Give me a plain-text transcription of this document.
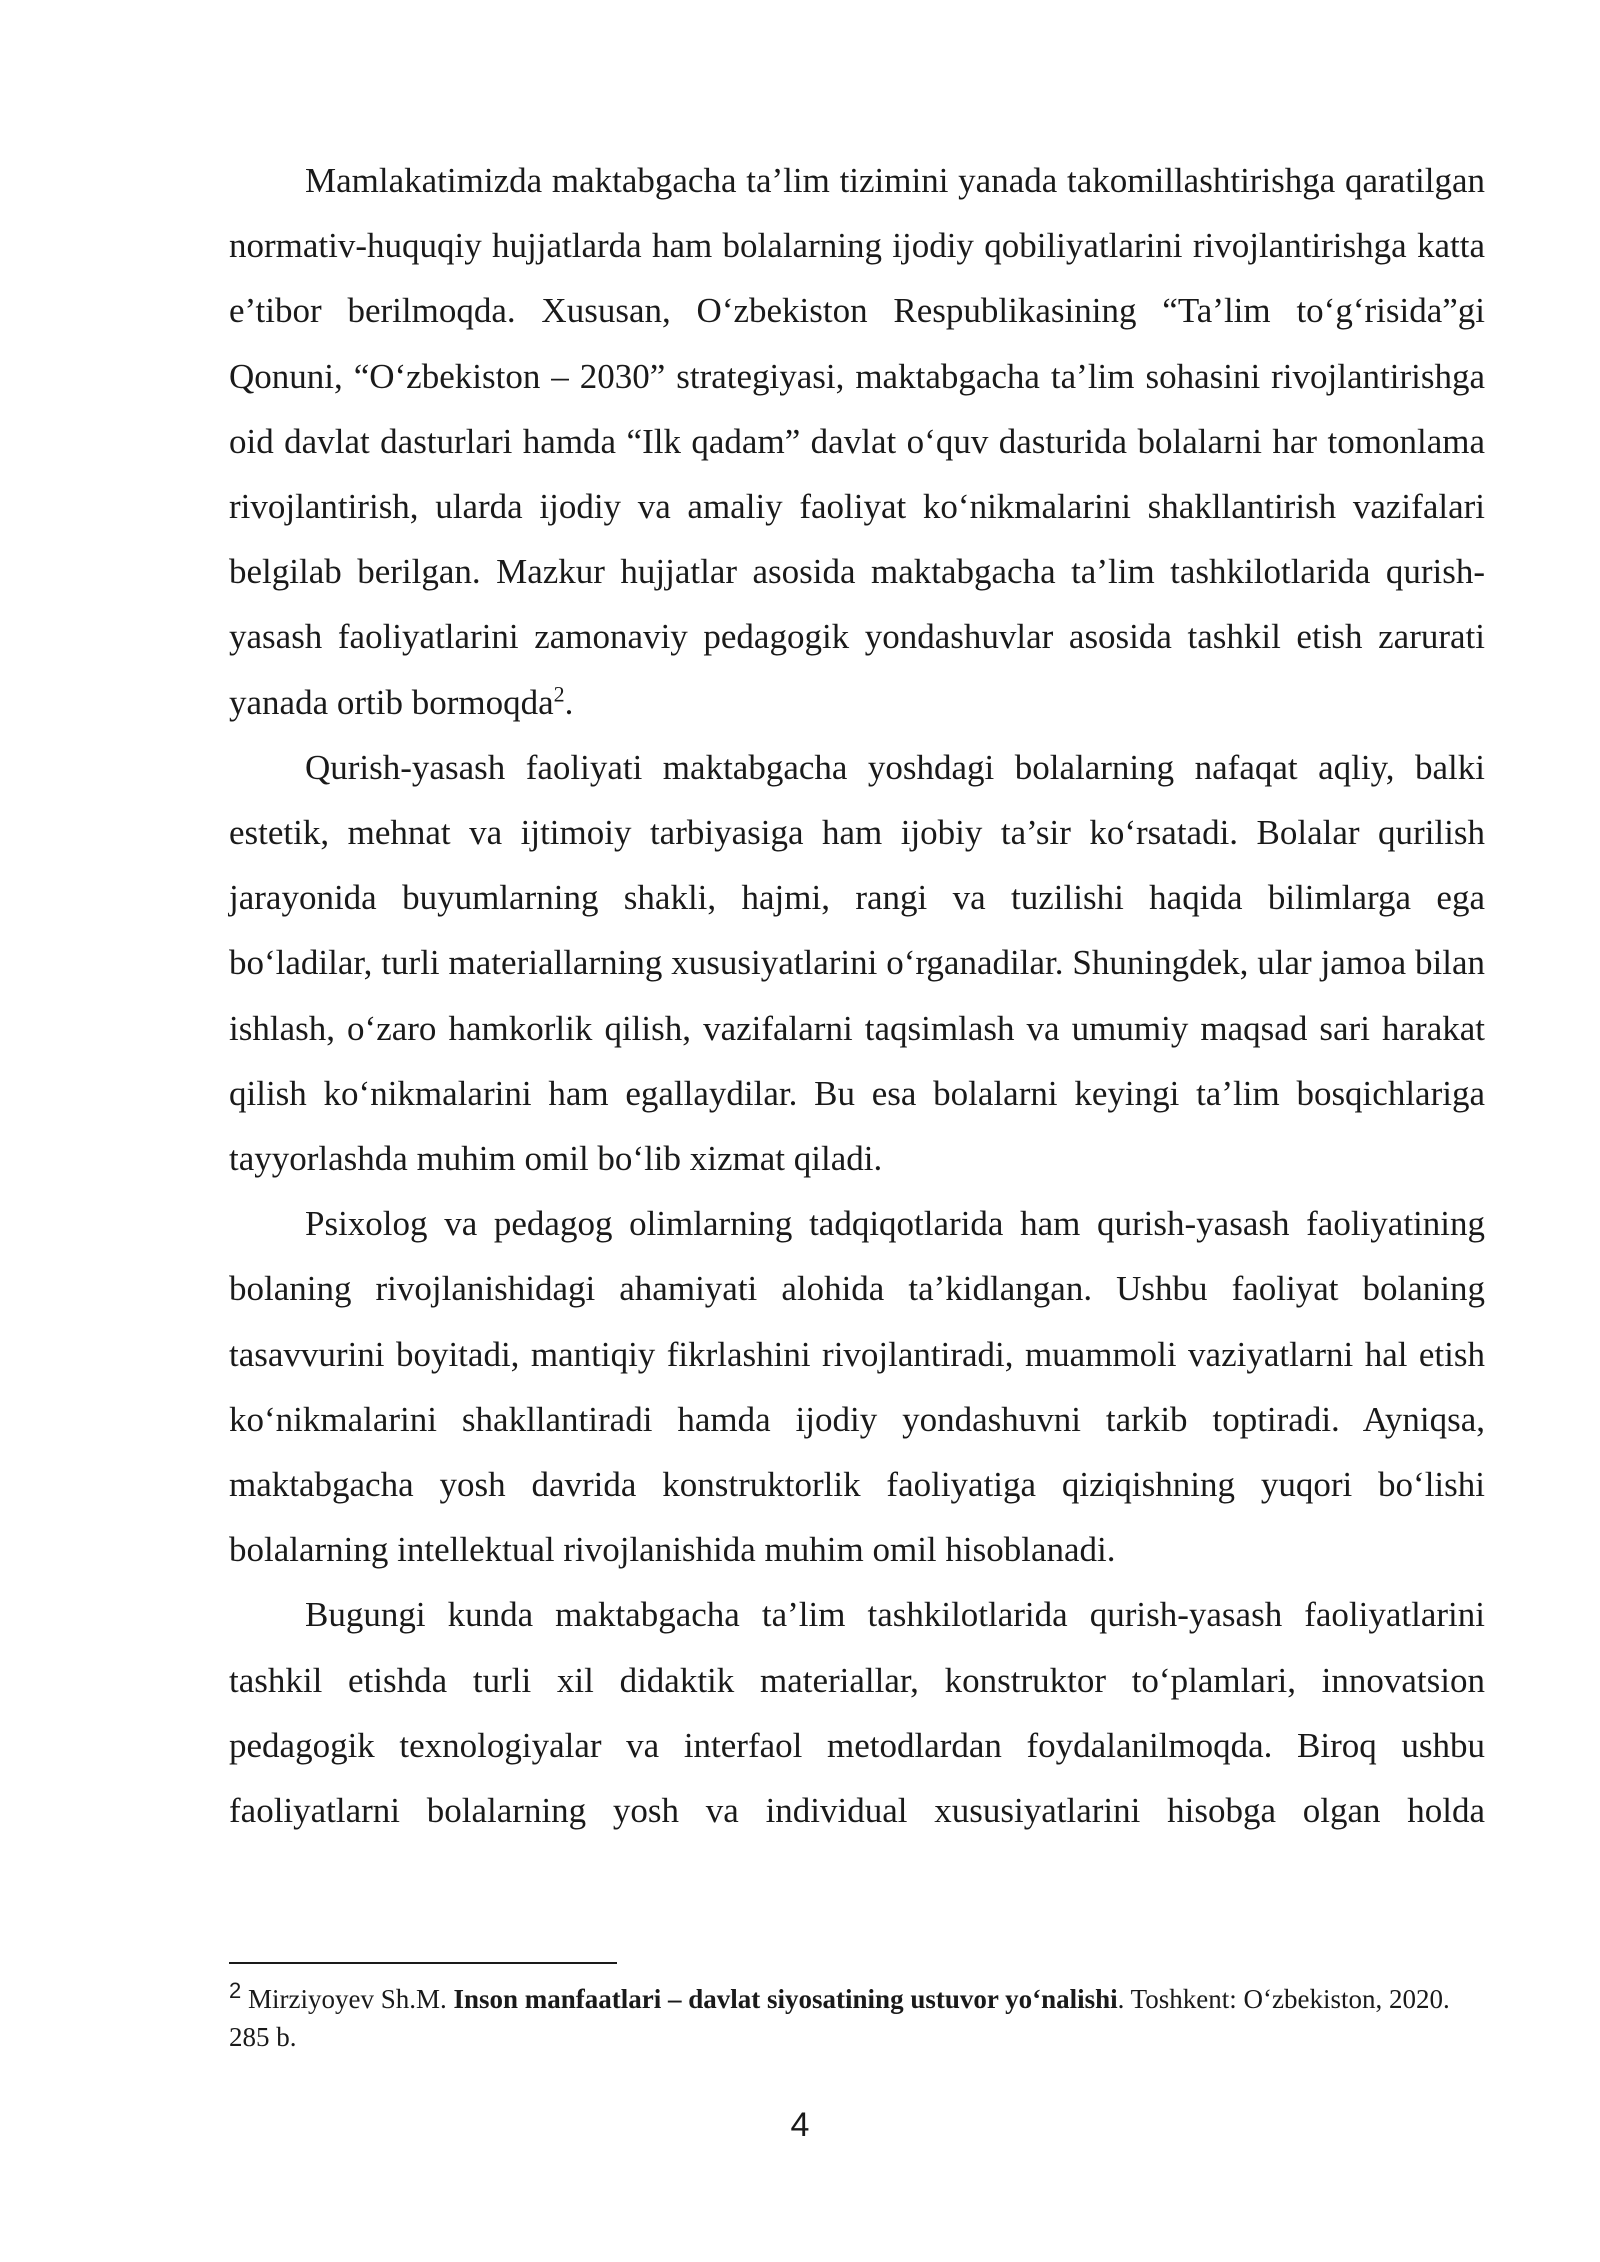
Mamlakatimizda maktabgacha ta’lim tizimini yanada takomillashtirishga qaratilgan normativ-huquqiy hujjatlarda ham bolalarning ijodiy qobiliyatlarini rivojlantirishga katta e’tibor berilmoqda. Xususan, O‘zbekiston Respublikasining “Ta’lim to‘g‘risida”gi Qonuni, “O‘zbekiston – 2030” strategiyasi, maktabgacha ta’lim sohasini rivojlantirishga oid davlat dasturlari hamda “Ilk qadam” davlat o‘quv dasturida bolalarni har tomonlama rivojlantirish, ularda ijodiy va amaliy faoliyat ko‘nikmalarini shakllantirish vazifalari belgilab berilgan. Mazkur hujjatlar asosida maktabgacha ta’lim tashkilotlarida qurish-yasash faoliyatlarini zamonaviy pedagogik yondashuvlar asosida tashkil etish zarurati yanada ortib bormoqda$^2$.

Qurish-yasash faoliyati maktabgacha yoshdagi bolalarning nafaqat aqliy, balki estetik, mehnat va ijtimoiy tarbiyasiga ham ijobiy ta’sir ko‘rsatadi. Bolalar qurilish jarayonida buyumlarning shakli, hajmi, rangi va tuzilishi haqida bilimlarga ega bo‘ladilar, turli materiallarning xususiyatlarini o‘rganadilar. Shuningdek, ular jamoa bilan ishlash, o‘zaro hamkorlik qilish, vazifalarni taqsimlash va umumiy maqsad sari harakat qilish ko‘nikmalarini ham egallaydilar. Bu esa bolalarni keyingi ta’lim bosqichlariga tayyorlashda muhim omil bo‘lib xizmat qiladi.

Psixolog va pedagog olimlarning tadqiqotlarida ham qurish-yasash faoliyatining bolaning rivojlanishidagi ahamiyati alohida ta’kidlangan. Ushbu faoliyat bolaning tasavvurini boyitadi, mantiqiy fikrlashini rivojlantiradi, muammoli vaziyatlarni hal etish ko‘nikmalarini shakllantiradi hamda ijodiy yondashuvni tarkib toptiradi. Ayniqsa, maktabgacha yosh davrida konstruktorlik faoliyatiga qiziqishning yuqori bo‘lishi bolalarning intellektual rivojlanishida muhim omil hisoblanadi.

Bugungi kunda maktabgacha ta’lim tashkilotlarida qurish-yasash faoliyatlarini tashkil etishda turli xil didaktik materiallar, konstruktor to‘plamlari, innovatsion pedagogik texnologiyalar va interfaol metodlardan foydalanilmoqda. Biroq ushbu faoliyatlarni bolalarning yosh va individual xususiyatlarini hisobga olgan holda

$^2$ Mirziyoyev Sh.M. Inson manfaatlari – davlat siyosatining ustuvor yo‘nalishi. Toshkent: O‘zbekiston, 2020. 285 b.
4
